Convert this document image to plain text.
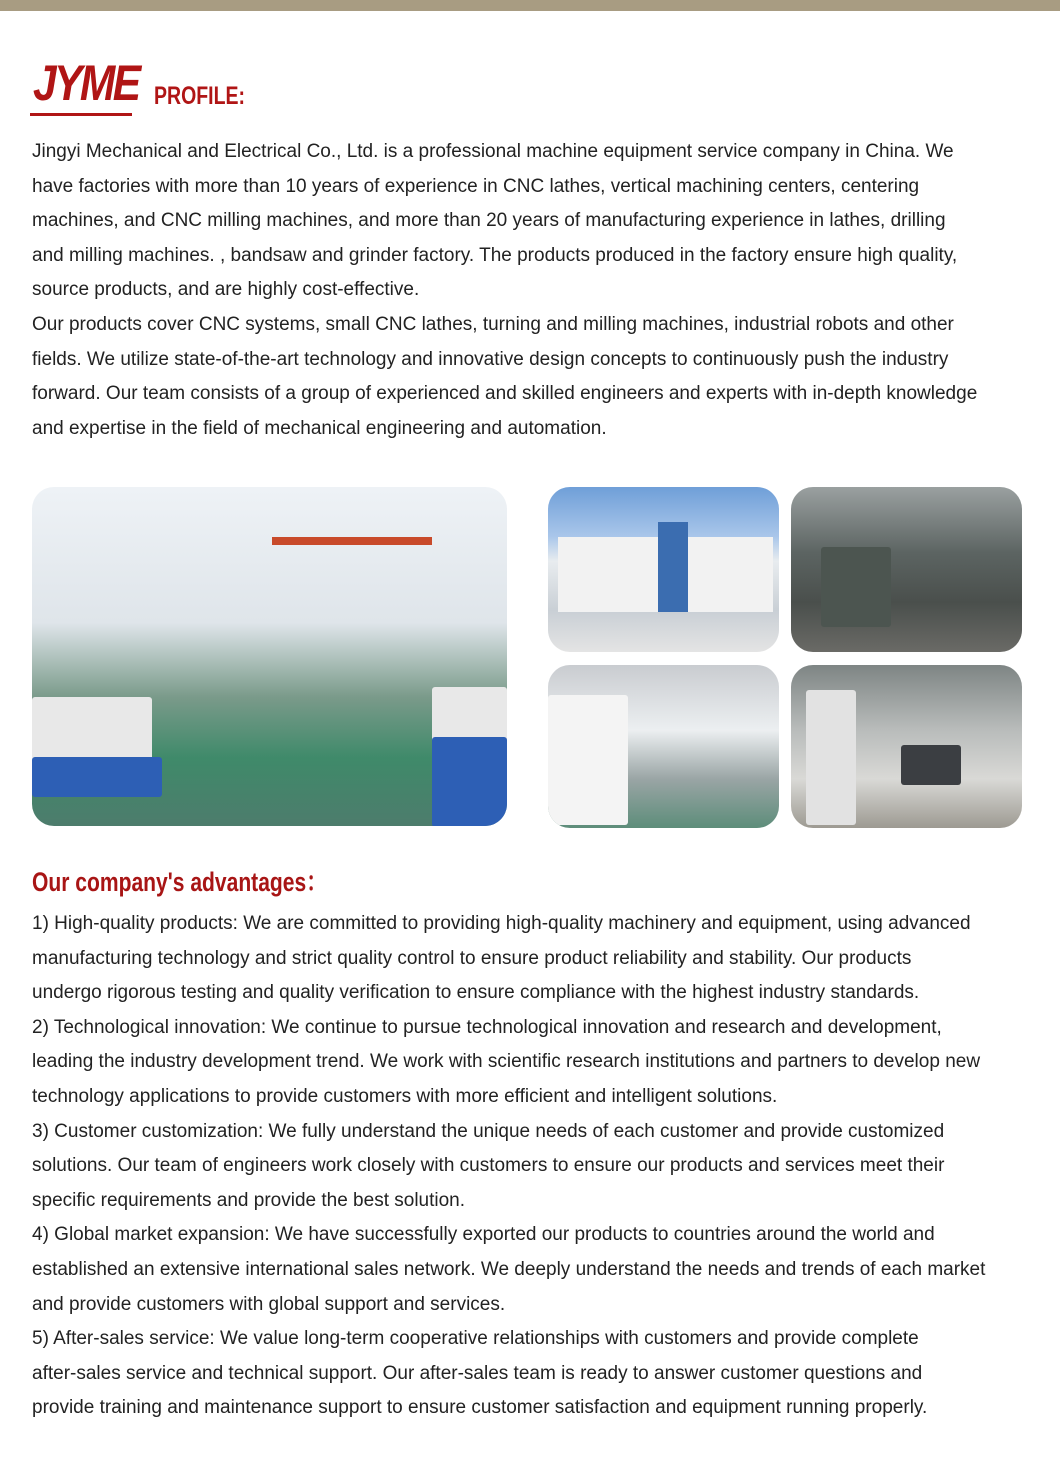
JYME PROFILE:
Jingyi Mechanical and Electrical Co., Ltd. is a professional machine equipment service company in China. We
have factories with more than 10 years of experience in CNC lathes, vertical machining centers, centering
machines, and CNC milling machines, and more than 20 years of manufacturing experience in lathes, drilling
and milling machines. , bandsaw and grinder factory. The products produced in the factory ensure high quality,
source products, and are highly cost-effective.
Our products cover CNC systems, small CNC lathes, turning and milling machines, industrial robots and other
fields. We utilize state-of-the-art technology and innovative design concepts to continuously push the industry
forward. Our team consists of a group of experienced and skilled engineers and experts with in-depth knowledge
and expertise in the field of mechanical engineering and automation.
Our company's advantages：
1) High-quality products: We are committed to providing high-quality machinery and equipment, using advanced
manufacturing technology and strict quality control to ensure product reliability and stability. Our products
undergo rigorous testing and quality verification to ensure compliance with the highest industry standards.
2) Technological innovation: We continue to pursue technological innovation and research and development,
leading the industry development trend. We work with scientific research institutions and partners to develop new
technology applications to provide customers with more efficient and intelligent solutions.
3) Customer customization: We fully understand the unique needs of each customer and provide customized
solutions. Our team of engineers work closely with customers to ensure our products and services meet their
specific requirements and provide the best solution.
4) Global market expansion: We have successfully exported our products to countries around the world and
established an extensive international sales network. We deeply understand the needs and trends of each market
and provide customers with global support and services.
5) After-sales service: We value long-term cooperative relationships with customers and provide complete
after-sales service and technical support. Our after-sales team is ready to answer customer questions and
provide training and maintenance support to ensure customer satisfaction and equipment running properly.
